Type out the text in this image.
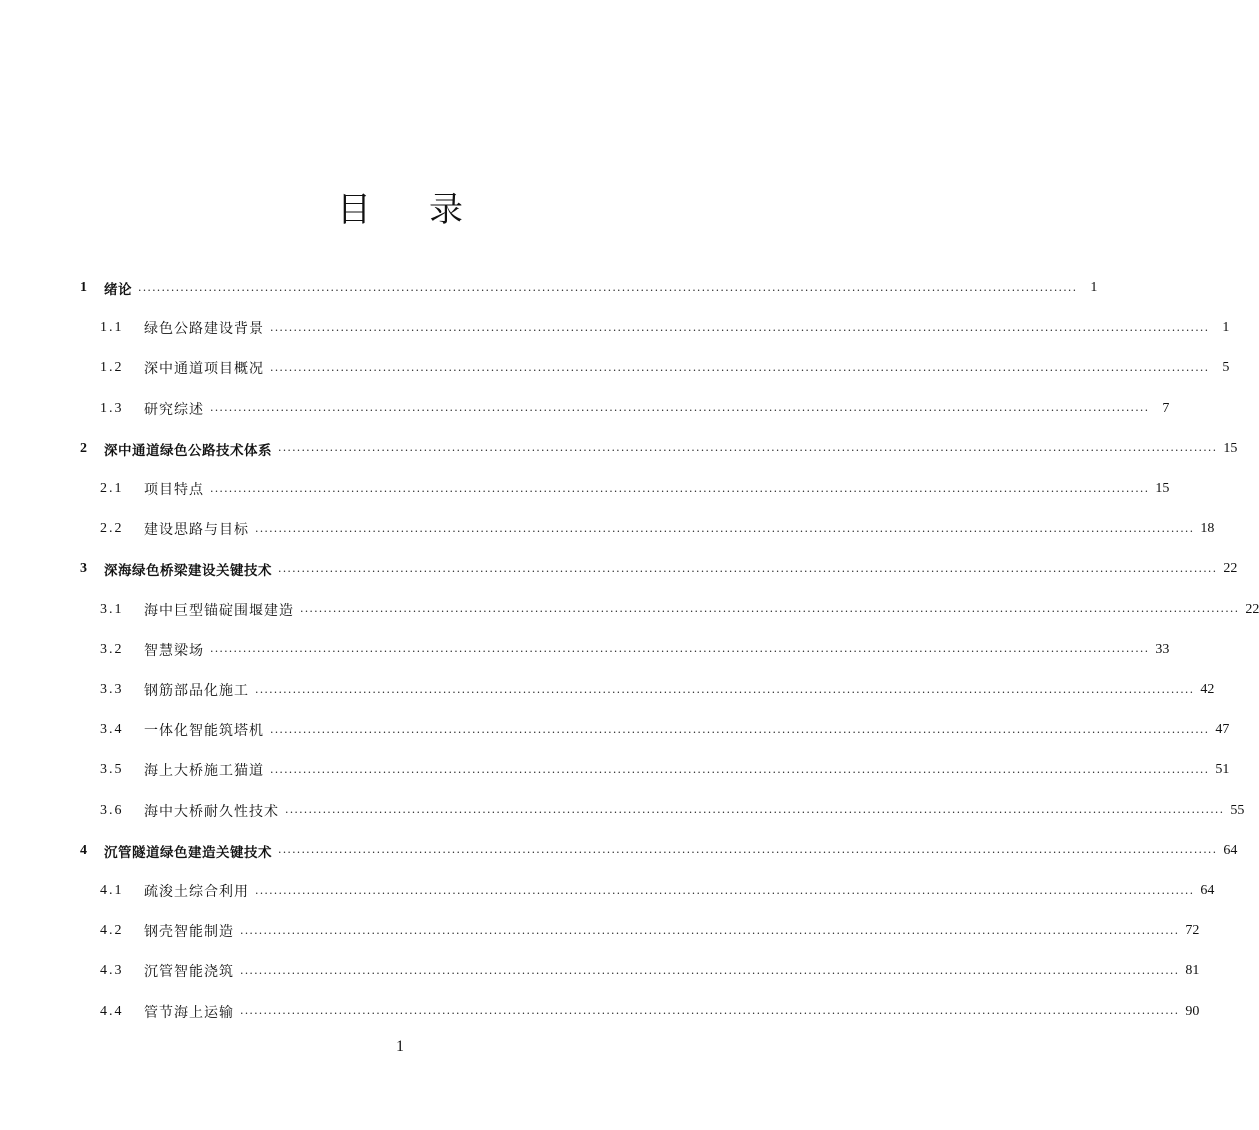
目 录
1	绪论 ········································································································································································································ 1
1.1	绿色公路建设背景 ········································································································································································································ 1
1.2	深中通道项目概况 ········································································································································································································ 5
1.3	研究综述 ········································································································································································································ 7
2	深中通道绿色公路技术体系 ········································································································································································································ 15
2.1	项目特点 ········································································································································································································ 15
2.2	建设思路与目标 ········································································································································································································ 18
3	深海绿色桥梁建设关键技术 ········································································································································································································ 22
3.1	海中巨型锚碇围堰建造 ········································································································································································································ 22
3.2	智慧梁场 ········································································································································································································ 33
3.3	钢筋部品化施工 ········································································································································································································ 42
3.4	一体化智能筑塔机 ········································································································································································································ 47
3.5	海上大桥施工猫道 ········································································································································································································ 51
3.6	海中大桥耐久性技术 ········································································································································································································ 55
4	沉管隧道绿色建造关键技术 ········································································································································································································ 64
4.1	疏浚土综合利用 ········································································································································································································ 64
4.2	钢壳智能制造 ········································································································································································································ 72
4.3	沉管智能浇筑 ········································································································································································································ 81
4.4	管节海上运输 ········································································································································································································ 90
1
